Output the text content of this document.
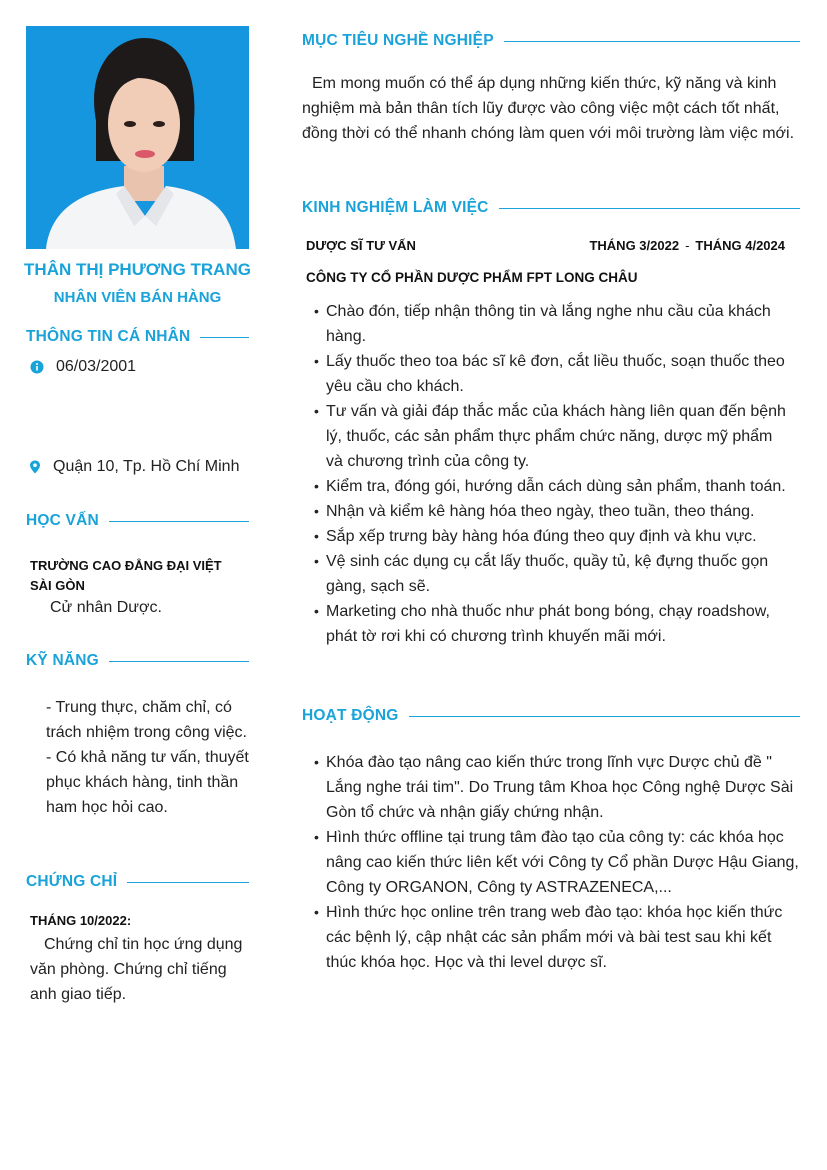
THÂN THỊ PHƯƠNG TRANG
NHÂN VIÊN BÁN HÀNG
THÔNG TIN CÁ NHÂN
06/03/2001
Quận 10, Tp. Hồ Chí Minh
HỌC VẤN
TRƯỜNG CAO ĐẲNG ĐẠI VIỆT SÀI GÒN
Cử nhân Dược.
KỸ NĂNG
- Trung thực, chăm chỉ, có trách nhiệm trong công việc.
- Có khả năng tư vấn, thuyết phục khách hàng, tinh thần ham học hỏi cao.
CHỨNG CHỈ
THÁNG 10/2022:
Chứng chỉ tin học ứng dụng văn phòng. Chứng chỉ tiếng anh giao tiếp.
MỤC TIÊU NGHỀ NGHIỆP
Em mong muốn có thể áp dụng những kiến thức, kỹ năng và kinh nghiệm mà bản thân tích lũy được vào công việc một cách tốt nhất, đồng thời có thể nhanh chóng làm quen với môi trường làm việc mới.
KINH NGHIỆM LÀM VIỆC
DƯỢC SĨ TƯ VẤN	THÁNG 3/2022 - THÁNG 4/2024
CÔNG TY CỔ PHẦN DƯỢC PHẨM FPT LONG CHÂU
• Chào đón, tiếp nhận thông tin và lắng nghe nhu cầu của khách hàng.
• Lấy thuốc theo toa bác sĩ kê đơn, cắt liều thuốc, soạn thuốc theo yêu cầu cho khách.
• Tư vấn và giải đáp thắc mắc của khách hàng liên quan đến bệnh lý, thuốc, các sản phẩm thực phẩm chức năng, dược mỹ phẩm và chương trình của công ty.
• Kiểm tra, đóng gói, hướng dẫn cách dùng sản phẩm, thanh toán.
• Nhận và kiểm kê hàng hóa theo ngày, theo tuần, theo tháng.
• Sắp xếp trưng bày hàng hóa đúng theo quy định và khu vực.
• Vệ sinh các dụng cụ cắt lấy thuốc, quầy tủ, kệ đựng thuốc gọn gàng, sạch sẽ.
• Marketing cho nhà thuốc như phát bong bóng, chạy roadshow, phát tờ rơi khi có chương trình khuyến mãi mới.
HOẠT ĐỘNG
• Khóa đào tạo nâng cao kiến thức trong lĩnh vực Dược chủ đề " Lắng nghe trái tim". Do Trung tâm Khoa học Công nghệ Dược Sài Gòn tổ chức và nhận giấy chứng nhận.
• Hình thức offline tại trung tâm đào tạo của công ty: các khóa học nâng cao kiến thức liên kết với Công ty Cổ phần Dược Hậu Giang, Công ty ORGANON, Công ty ASTRAZENECA,...
• Hình thức học online trên trang web đào tạo: khóa học kiến thức các bệnh lý, cập nhật các sản phẩm mới và bài test sau khi kết thúc khóa học. Học và thi level dược sĩ.
